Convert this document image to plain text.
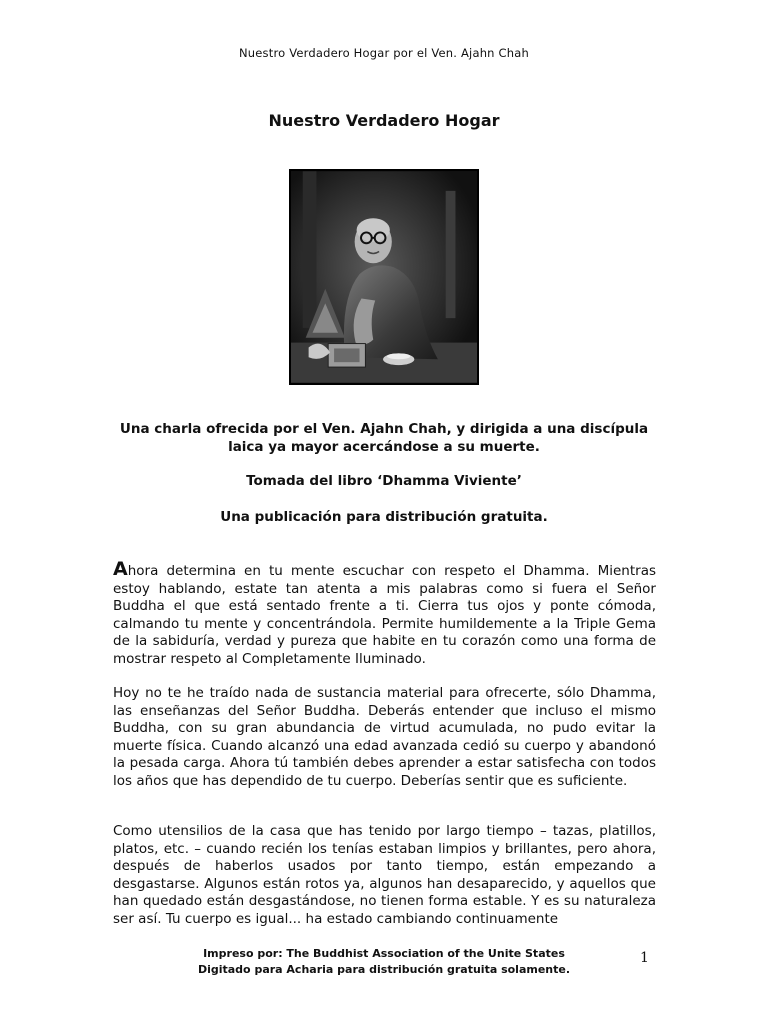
Nuestro Verdadero Hogar por el Ven. Ajahn Chah
Nuestro Verdadero Hogar
Una charla ofrecida por el Ven. Ajahn Chah, y dirigida a una discípula laica ya mayor acercándose a su muerte.
Tomada del libro ‘Dhamma Viviente’
Una publicación para distribución gratuita.
Ahora determina en tu mente escuchar con respeto el Dhamma. Mientras estoy hablando, estate tan atenta a mis palabras como si fuera el Señor Buddha el que está sentado frente a ti. Cierra tus ojos y ponte cómoda, calmando tu mente y concentrándola. Permite humildemente a la Triple Gema de la sabiduría, verdad y pureza que habite en tu corazón como una forma de mostrar respeto al Completamente Iluminado.
Hoy no te he traído nada de sustancia material para ofrecerte, sólo Dhamma, las enseñanzas del Señor Buddha. Deberás entender que incluso el mismo Buddha, con su gran abundancia de virtud acumulada, no pudo evitar la muerte física. Cuando alcanzó una edad avanzada cedió su cuerpo y abandonó la pesada carga. Ahora tú también debes aprender a estar satisfecha con todos los años que has dependido de tu cuerpo. Deberías sentir que es suficiente.
Como utensilios de la casa que has tenido por largo tiempo – tazas, platillos, platos, etc. – cuando recién los tenías estaban limpios y brillantes, pero ahora, después de haberlos usados por tanto tiempo, están empezando a desgastarse. Algunos están rotos ya, algunos han desaparecido, y aquellos que han quedado están desgastándose, no tienen forma estable. Y es su naturaleza ser así. Tu cuerpo es igual... ha estado cambiando continuamente
Impreso por: The Buddhist Association of the Unite States
Digitado para Acharia para distribución gratuita solamente.
1
